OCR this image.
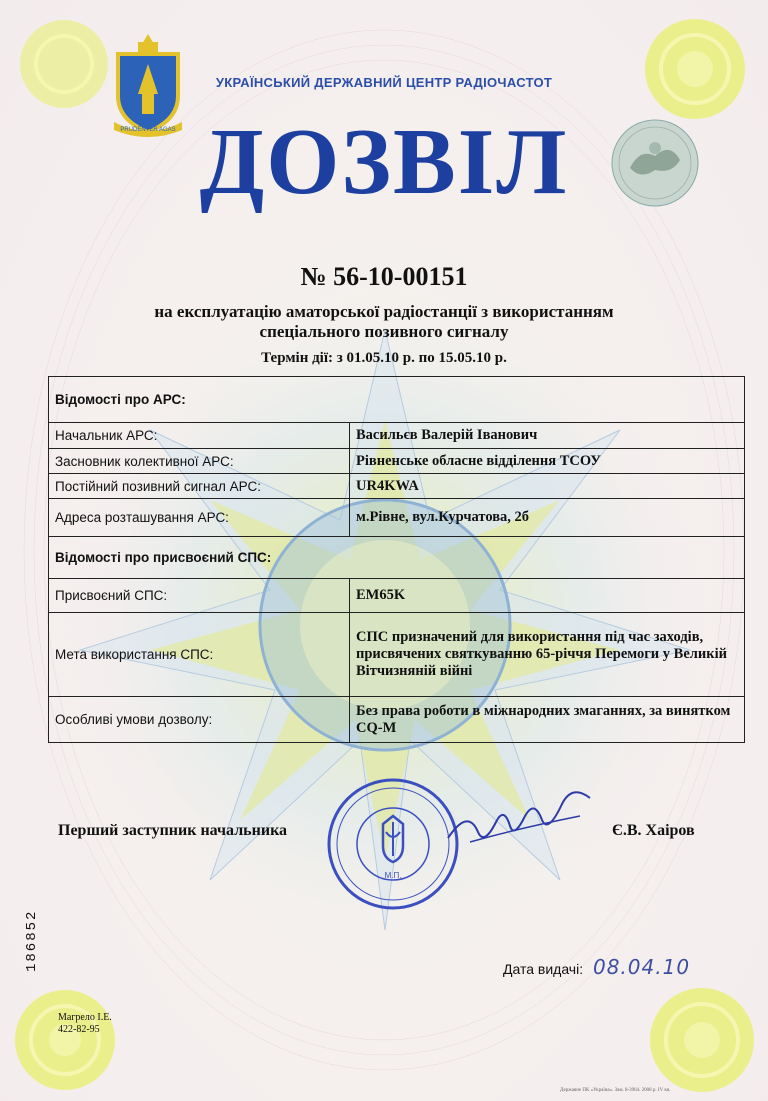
PRUDENTER AGAS
УКРАЇНСЬКИЙ ДЕРЖАВНИЙ ЦЕНТР РАДІОЧАСТОТ
ДОЗВІЛ
№ 56-10-00151
на експлуатацію аматорської радіостанції з використанням
спеціального позивного сигналу
Термін дії: з 01.05.10 р. по 15.05.10 р.
Відомості про АРС:	
Начальник АРС:	Васильєв Валерій Іванович
Засновник колективної АРС:	Рівненське обласне відділення ТСОУ
Постійний позивний сигнал АРС:	UR4KWA
Адреса розташування АРС:	м.Рівне, вул.Курчатова, 2б
Відомості про присвоєний СПС:	
Присвоєний СПС:	EM65K
Мета використання СПС:	СПС призначений для використання під час заходів, присвячених святкуванню 65-річчя Перемоги у Великій Вітчизняній війні
Особливі умови дозволу:	Без права роботи в міжнародних змаганнях, за винятком CQ-M
М.П.
Перший заступник начальника	Є.В. Хаіров
Дата видачі: 08.04.10
186852
Магрело І.Е.
422-82-95
Державне ПК «Україна». Зам. 8-3964. 2008 р. IV кв.
